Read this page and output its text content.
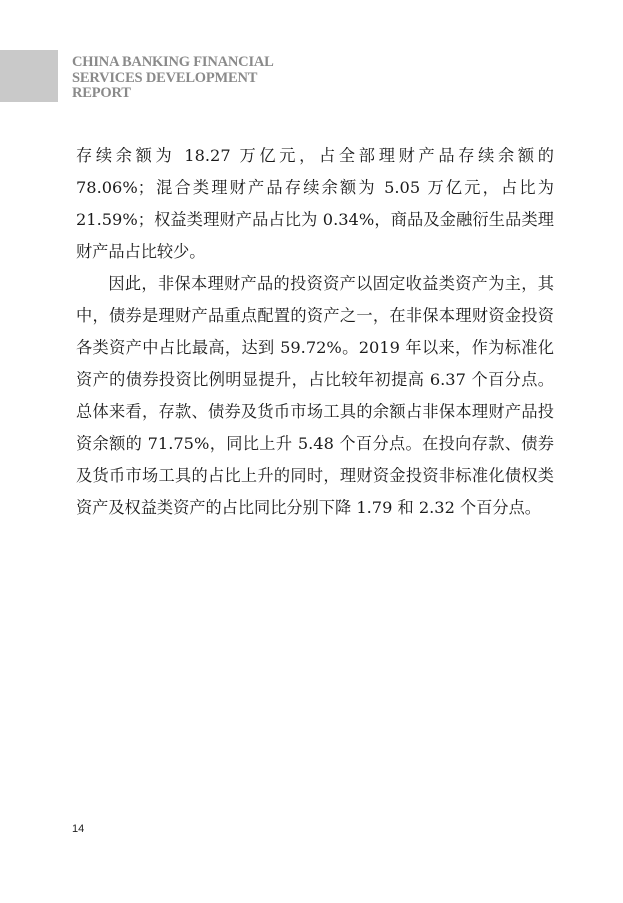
CHINA BANKING FINANCIAL
SERVICES DEVELOPMENT
REPORT

存续余额为 18.27 万亿元，占全部理财产品存续余额的 78.06%；混合类理财产品存续余额为 5.05 万亿元，占比为 21.59%；权益类理财产品占比为 0.34%，商品及金融衍生品类理财产品占比较少。

因此，非保本理财产品的投资资产以固定收益类资产为主，其中，债券是理财产品重点配置的资产之一，在非保本理财资金投资各类资产中占比最高，达到 59.72%。2019 年以来，作为标准化资产的债券投资比例明显提升，占比较年初提高 6.37 个百分点。总体来看，存款、债券及货币市场工具的余额占非保本理财产品投资余额的 71.75%，同比上升 5.48 个百分点。在投向存款、债券及货币市场工具的占比上升的同时，理财资金投资非标准化债权类资产及权益类资产的占比同比分别下降 1.79 和 2.32 个百分点。

14
